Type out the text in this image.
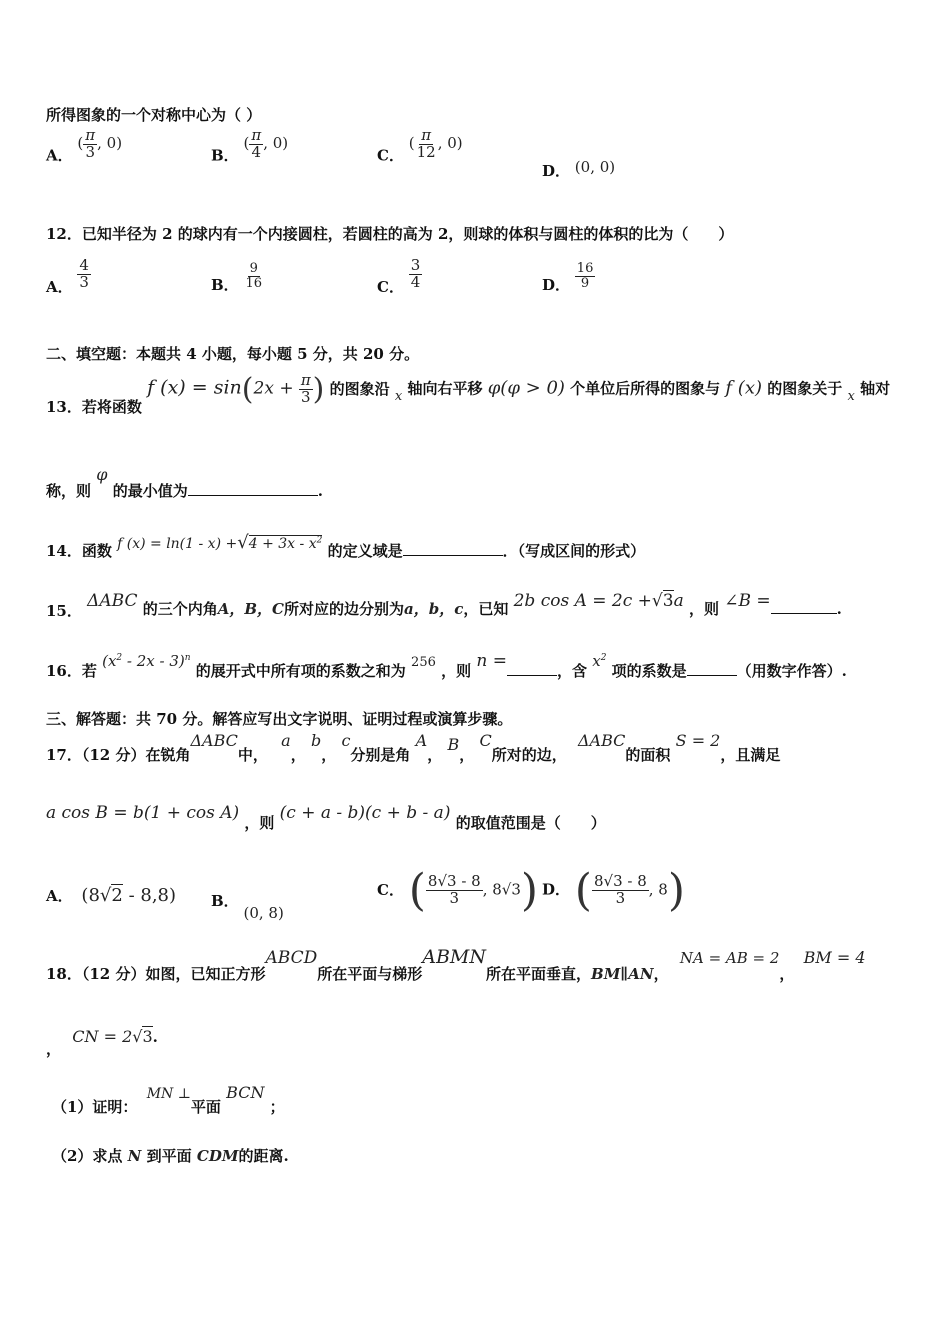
所得图象的一个对称中心为（ ）
A． ( $\frac{\pi}{3}$ , 0)
B． ( $\frac{\pi}{4}$ , 0)
C． ( $\frac{\pi}{12}$ , 0)
D． (0, 0)
12．已知半径为 2 的球内有一个内接圆柱，若圆柱的高为 2，则球的体积与圆柱的体积的比为（　　）
A． $\frac{4}{3}$	B． $\frac{9}{16}$	C． $\frac{3}{4}$	D． $\frac{16}{9}$
二、填空题：本题共 4 小题，每小题 5 分，共 20 分。
13．若将函数 f $(x) = \sin(2x + \frac{\pi}{3}$ ) 的图象沿 x 轴向右平移 φ(φ > 0) 个单位后所得的图象与 f (x) 的图象关于 x 轴对
称，则 φ 的最小值为	.
14．函数 f $(x) = \ln(1 - x) +√4 + 3x - x^2$ 的定义域是	．（写成区间的形式）
15． ΔABC 的三个内角A，B，C所对应的边分别为a，b，c，已知 2b cos A = 2c +√3a ，则 ∠B =	.
16．若 $(x^2 - 2x - 3)^n$ 的展开式中所有项的系数之和为 256 ，则 n =	，含 $x^2$ 项的系数是	（用数字作答）.
三、解答题：共 70 分。解答应写出文字说明、证明过程或演算步骤。
17．（12 分）在锐角ΔABC中， a， b， c分别是角 A， B， C所对的边， ΔABC的面积 S = 2，且满足
a cos B = b(1 + cos A) ，则 (c + a - b)(c + b - a) 的取值范围是（　　）
A． (8√2 - 8,8) B． (0, 8)
C． ( $\frac{8√3 - 8}{3}$ , 8√3) D． ( $\frac{8√3 - 8}{3}$ , 8)
18．（12 分）如图，已知正方形ABCD所在平面与梯形ABMN所在平面垂直，BM∥AN， NA = AB = 2， BM = 4
， CN = 2√3.
（1）证明： MN ⊥平面 BCN ；
（2）求点 N 到平面 CDM的距离.
